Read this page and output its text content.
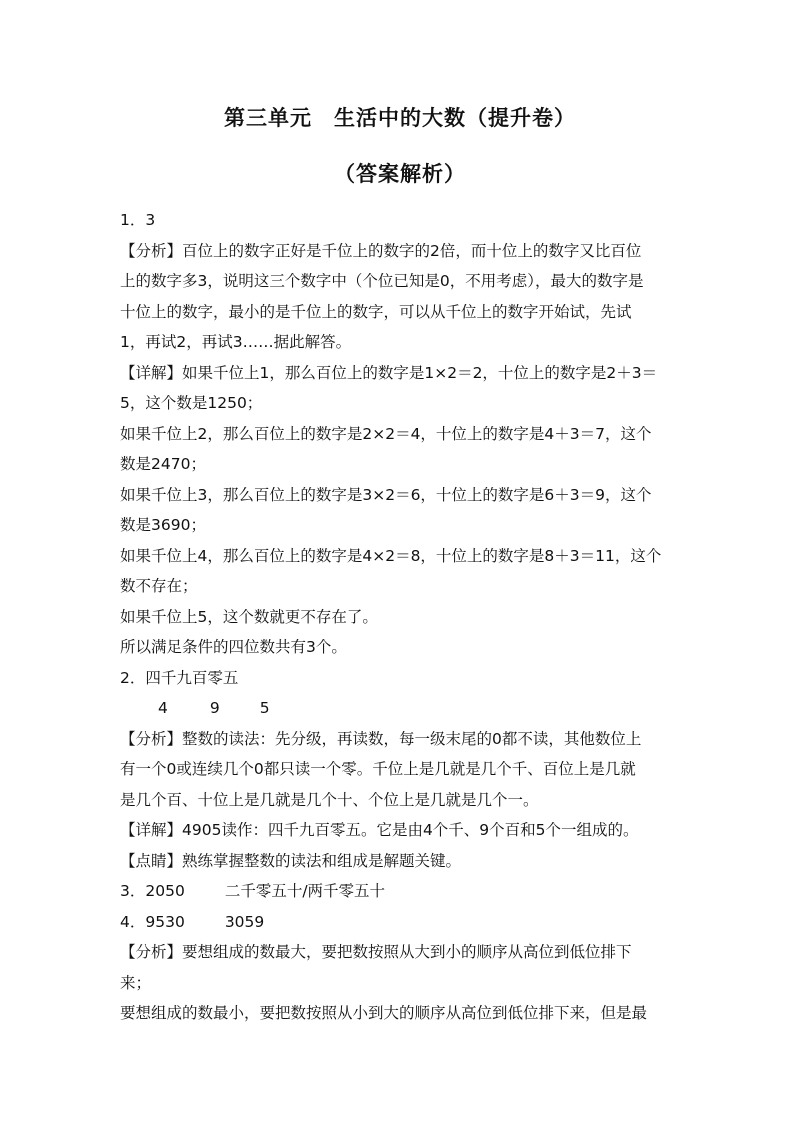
第三单元　生活中的大数（提升卷）
（答案解析）
1．3
【分析】百位上的数字正好是千位上的数字的2倍，而十位上的数字又比百位
上的数字多3，说明这三个数字中（个位已知是0，不用考虑），最大的数字是
十位上的数字，最小的是千位上的数字，可以从千位上的数字开始试，先试
1，再试2，再试3……据此解答。
【详解】如果千位上1，那么百位上的数字是1×2＝2，十位上的数字是2＋3＝
5，这个数是1250；
如果千位上2，那么百位上的数字是2×2＝4，十位上的数字是4＋3＝7，这个
数是2470；
如果千位上3，那么百位上的数字是3×2＝6，十位上的数字是6＋3＝9，这个
数是3690；
如果千位上4，那么百位上的数字是4×2＝8，十位上的数字是8＋3＝11，这个
数不存在；
如果千位上5，这个数就更不存在了。
所以满足条件的四位数共有3个。
2．四千九百零五
4	9	5
【分析】整数的读法：先分级，再读数，每一级末尾的0都不读，其他数位上
有一个0或连续几个0都只读一个零。千位上是几就是几个千、百位上是几就
是几个百、十位上是几就是几个十、个位上是几就是几个一。
【详解】4905读作：四千九百零五。它是由4个千、9个百和5个一组成的。
【点睛】熟练掌握整数的读法和组成是解题关键。
3．2050	二千零五十/两千零五十
4．9530	3059
【分析】要想组成的数最大，要把数按照从大到小的顺序从高位到低位排下
来；
要想组成的数最小，要把数按照从小到大的顺序从高位到低位排下来，但是最
